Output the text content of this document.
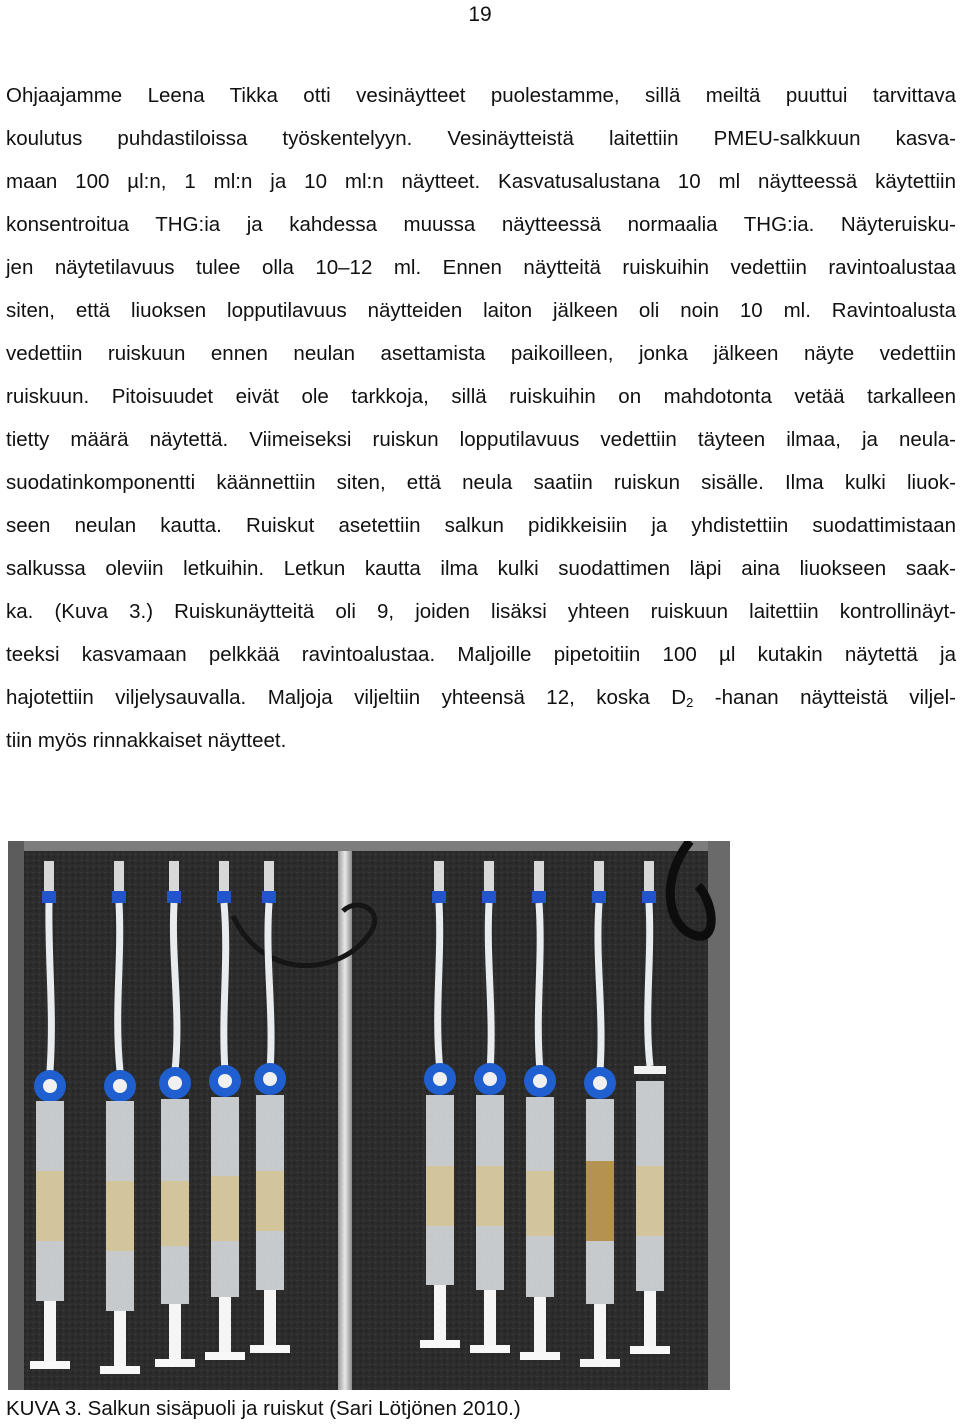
19
Ohjaajamme Leena Tikka otti vesinäytteet puolestamme, sillä meiltä puuttui tarvittava
koulutus puhdastiloissa työskentelyyn. Vesinäytteistä laitettiin PMEU-salkkuun kasva-
maan 100 µl:n, 1 ml:n ja 10 ml:n näytteet. Kasvatusalustana 10 ml näytteessä käytettiin
konsentroitua THG:ia ja kahdessa muussa näytteessä normaalia THG:ia. Näyteruisku-
jen näytetilavuus tulee olla 10–12 ml. Ennen näytteitä ruiskuihin vedettiin ravintoalustaa
siten, että liuoksen lopputilavuus näytteiden laiton jälkeen oli noin 10 ml. Ravintoalusta
vedettiin ruiskuun ennen neulan asettamista paikoilleen, jonka jälkeen näyte vedettiin
ruiskuun. Pitoisuudet eivät ole tarkkoja, sillä ruiskuihin on mahdotonta vetää tarkalleen
tietty määrä näytettä. Viimeiseksi ruiskun lopputilavuus vedettiin täyteen ilmaa, ja neula-
suodatinkomponentti käännettiin siten, että neula saatiin ruiskun sisälle. Ilma kulki liuok-
seen neulan kautta. Ruiskut asetettiin salkun pidikkeisiin ja yhdistettiin suodattimistaan
salkussa oleviin letkuihin. Letkun kautta ilma kulki suodattimen läpi aina liuokseen saak-
ka. (Kuva 3.) Ruiskunäytteitä oli 9, joiden lisäksi yhteen ruiskuun laitettiin kontrollinäyt-
teeksi kasvamaan pelkkää ravintoalustaa. Maljoille pipetoitiin 100 µl kutakin näytettä ja
hajotettiin viljelysauvalla. Maljoja viljeltiin yhteensä 12, koska $D_2$ -hanan näytteistä viljel-
tiin myös rinnakkaiset näytteet.
KUVA 3. Salkun sisäpuoli ja ruiskut (Sari Lötjönen 2010.)
